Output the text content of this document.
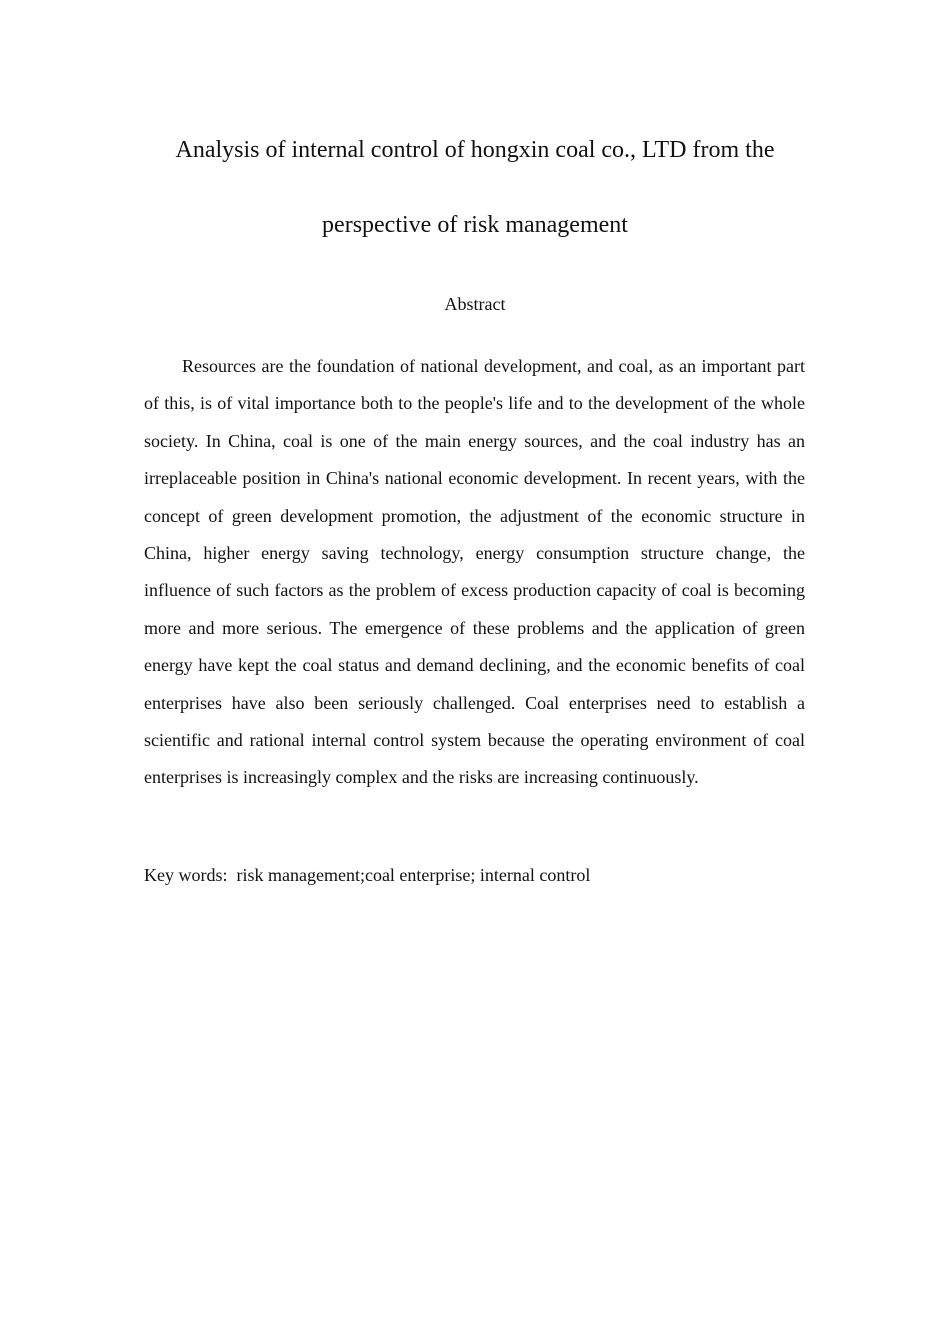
Analysis of internal control of hongxin coal co., LTD from the
perspective of risk management
Abstract

Resources are the foundation of national development, and coal, as an important part of this, is of vital importance both to the people's life and to the development of the whole society. In China, coal is one of the main energy sources, and the coal industry has an irreplaceable position in China's national economic development. In recent years, with the concept of green development promotion, the adjustment of the economic structure in China, higher energy saving technology, energy consumption structure change, the influence of such factors as the problem of excess production capacity of coal is becoming more and more serious. The emergence of these problems and the application of green energy have kept the coal status and demand declining, and the economic benefits of coal enterprises have also been seriously challenged. Coal enterprises need to establish a scientific and rational internal control system because the operating environment of coal enterprises is increasingly complex and the risks are increasing continuously.

Key words:  risk management;coal enterprise; internal control
